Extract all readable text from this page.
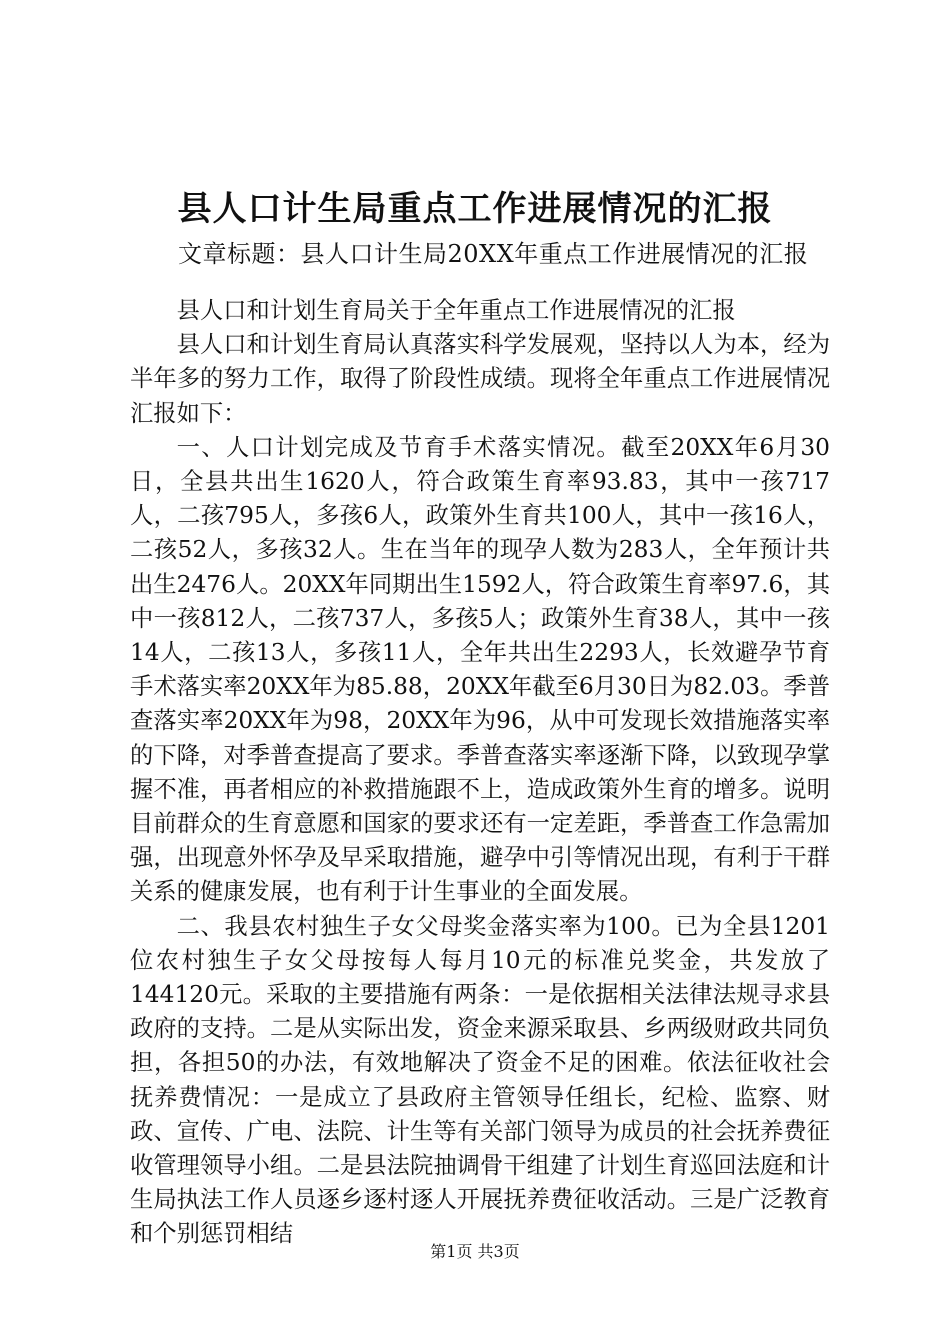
县人口计生局重点工作进展情况的汇报
文章标题：县人口计生局20XX年重点工作进展情况的汇报

县人口和计划生育局关于全年重点工作进展情况的汇报

县人口和计划生育局认真落实科学发展观，坚持以人为本，经为半年多的努力工作，取得了阶段性成绩。现将全年重点工作进展情况汇报如下：

一、人口计划完成及节育手术落实情况。截至20XX年6月30日，全县共出生1620人，符合政策生育率93.83，其中一孩717人，二孩795人，多孩6人，政策外生育共100人，其中一孩16人，二孩52人，多孩32人。生在当年的现孕人数为283人，全年预计共出生2476人。20XX年同期出生1592人，符合政策生育率97.6，其中一孩812人，二孩737人，多孩5人；政策外生育38人，其中一孩14人，二孩13人，多孩11人，全年共出生2293人，长效避孕节育手术落实率20XX年为85.88，20XX年截至6月30日为82.03。季普查落实率20XX年为98，20XX年为96，从中可发现长效措施落实率的下降，对季普查提高了要求。季普查落实率逐渐下降，以致现孕掌握不准，再者相应的补救措施跟不上，造成政策外生育的增多。说明目前群众的生育意愿和国家的要求还有一定差距，季普查工作急需加强，出现意外怀孕及早采取措施，避孕中引等情况出现，有利于干群关系的健康发展，也有利于计生事业的全面发展。

二、我县农村独生子女父母奖金落实率为100。已为全县1201位农村独生子女父母按每人每月10元的标准兑奖金，共发放了144120元。采取的主要措施有两条：一是依据相关法律法规寻求县政府的支持。二是从实际出发，资金来源采取县、乡两级财政共同负担，各担50的办法，有效地解决了资金不足的困难。依法征收社会抚养费情况：一是成立了县政府主管领导任组长，纪检、监察、财政、宣传、广电、法院、计生等有关部门领导为成员的社会抚养费征收管理领导小组。二是县法院抽调骨干组建了计划生育巡回法庭和计生局执法工作人员逐乡逐村逐人开展抚养费征收活动。三是广泛教育和个别惩罚相结

第1页 共3页
